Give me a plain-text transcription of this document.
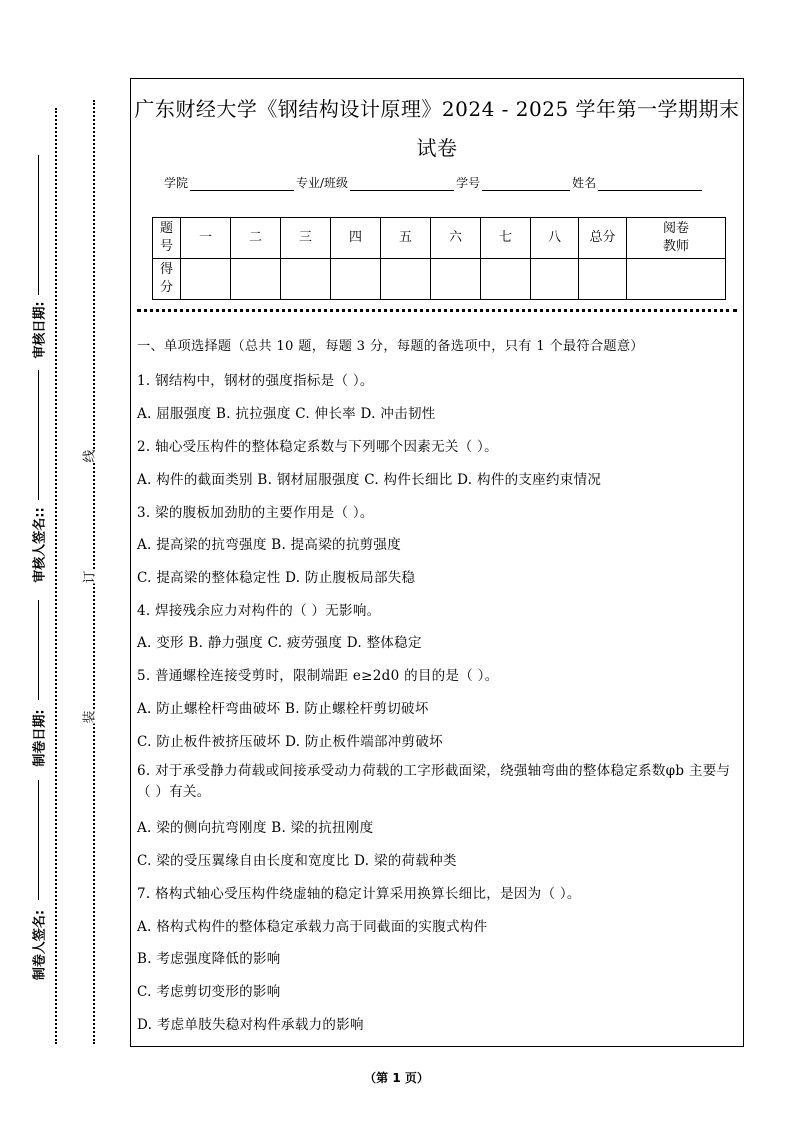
审核日期:
审核人签名::
制卷日期:
制卷人签名:
线
订
装
广东财经大学《钢结构设计原理》2024 - 2025 学年第一学期期末
试卷
学院	专业/班级	学号	姓名
题号	一	二	三	四	五	六	七	八	总分	阅卷教师
得分										
一、单项选择题（总共 10 题，每题 3 分，每题的备选项中，只有 1 个最符合题意）
1. 钢结构中，钢材的强度指标是（ ）。
A. 屈服强度 B. 抗拉强度 C. 伸长率 D. 冲击韧性
2. 轴心受压构件的整体稳定系数与下列哪个因素无关（ ）。
A. 构件的截面类别 B. 钢材屈服强度 C. 构件长细比 D. 构件的支座约束情况
3. 梁的腹板加劲肋的主要作用是（ ）。
A. 提高梁的抗弯强度 B. 提高梁的抗剪强度
C. 提高梁的整体稳定性 D. 防止腹板局部失稳
4. 焊接残余应力对构件的（ ）无影响。
A. 变形 B. 静力强度 C. 疲劳强度 D. 整体稳定
5. 普通螺栓连接受剪时，限制端距 e≥2d0 的目的是（ ）。
A. 防止螺栓杆弯曲破坏 B. 防止螺栓杆剪切破坏
C. 防止板件被挤压破坏 D. 防止板件端部冲剪破坏
6. 对于承受静力荷载或间接承受动力荷载的工字形截面梁，绕强轴弯曲的整体稳定系数φb 主要与（ ）有关。
A. 梁的侧向抗弯刚度 B. 梁的抗扭刚度
C. 梁的受压翼缘自由长度和宽度比 D. 梁的荷载种类
7. 格构式轴心受压构件绕虚轴的稳定计算采用换算长细比，是因为（ ）。
A. 格构式构件的整体稳定承载力高于同截面的实腹式构件
B. 考虑强度降低的影响
C. 考虑剪切变形的影响
D. 考虑单肢失稳对构件承载力的影响
（第 1 页）
